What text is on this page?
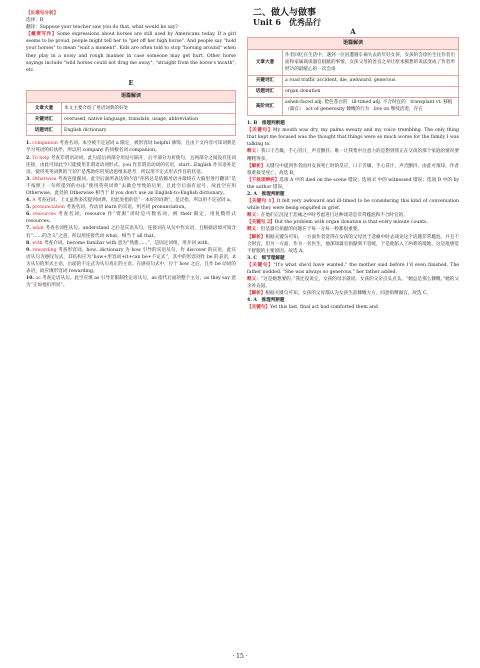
【长难句分析】

选择：B

翻译：Suppose your teacher saw you do that, what would he say?

【概要写作】Some expressions about horses are still used by Americans today. If a girl seems to be proud, people might tell her to "get off her high horse". And people say "hold your horses" to mean "wait a moment". Kids are often told to stop "horsing around" when they play in a noisy and rough manner in case someone may get hurt. Other horse sayings include "wild horses could not drag me away", "straight from the horse's mouth", etc.

E
语篇解读	
文章大意	本文主要介绍了英语词典的好处
关键词汇	overused, native language, translate, usage, abbreviation
话题词汇	English dictionary

1. companion 考查名词。本空被不定冠词 a 限定，被形容词 helpful 修饰，且由下文内容可知词典是学习英语的好伙伴，所以用 company 的同根名词 companion。

2. To help 考查非谓语动词。此句前后两部分用逗号隔开，后半部分为祈使句，且两部分之间没有连词连接，由此可知此空只能使用非谓语动词形式。you 作非谓语动词的宾语，start...English 作宾语补足语。使用英英词典的“目的”是帮助你用英语思维来思考，所以用不定式形式作目的状语。

3. Otherwise 考查连接副词。此空后面所表达的内容“你将总是依赖母语并最终在大脑里进行翻译”是不按照上一句所提到的办法“使用英英词典”去做会导致的后果，且此空后面有逗号，故此空应用 Otherwise。此处的 Otherwise 相当于 If you don't use an English-to-English dictionary。

4. A 考查冠词。上文虽然多次提到词典，但此处指的是“一本好的词典”，是泛指，所以用不定冠词 a。

5. pronunciation 考查名词。作动词 learn 的宾语，用名词 pronunciation。

6. resources 考查名词。resource 作“资源”讲时是可数名词，被 their 限定，用复数形式 resources。

7. what 考查名词性从句。understand 之后是宾语从句，连接词在从句中作宾语，且根据语境可知含有“……的含义”之意，所以用连接代词 what，相当于 all that。

8. with 考查介词。become familiar with 意为“熟悉……”，是固定词组，用介词 with。

9. rewarding 考查形容词。how...dictionary 为 how 引导的宾语从句，作 discover 的宾语，此宾语从句为感叹句式，其结构应为“how+形容词+it+can be+不定式”，其中的形容词作 be 的表语，it 为从句的形式主语，后面的不定式为从句真正的主语。在感叹句式中，位于 how 之后，且作 be 动词的表语，故应填形容词 rewarding。

10. as 考查定语从句。此空应填 as 引导非限制性定语从句，as 指代后面的整个主句，as they say 意为“正如他们所说”。

二、做人与做事
Unit 6　优秀品行
A
语篇解读	
文章大意	作者回忆在生活中，遇到一位因遭遇车祸失去的年轻女孩，女孩的会诊医生往作者出面和家属商谈器官捐献的事情，女孩父母的善良之举让原本极想的说法变成了作者所经历的最暖心的一次会谈
关键词汇	a road traffic accident, die, awkward, generous
话题词汇	organ donation
高阶词汇	ashen-faced adj. 脸色苍白的　ill-timed adj. 不合时宜的　transplant vt. 移植（器官）　act of generosity 慷慨的行为　live on 继续活着，存在

1. B　推理判断题

【关键句】My mouth was dry, my palms sweaty and my voice trembling. The only thing that kept me focused was the thought that things were so much worse for the family I was talking to.

释义：我口干舌燥，手心冒汗，声音颤抖。唯一让我集中注意力的是想到我正在交谈的那个家庭的情况要糟糕得多。

【解析】关键句中提到作者面对女孩死亡时的反应，口干舌燥，手心冒汗，声音颤抖，由此可推知，作者很难接受死亡。故选 B。

【干扰项辨析】选项 A 中的 died on the scene 错误；选项 C 中的 witnessed 错误；选项 D 中的 by the author 错误。

2. A　推理判断题

【关键句 1】It felt very awkward and ill-timed to be considering this kind of conversation while they were being engulfed in grief.

释义：在他们正沉浸于悲痛之中时考虑进行这种谈话是非常尴尬和不合时宜的。

【关键句 2】But the problem with organ donation is that every minute counts.

释义：但是器官捐献的问题在于每一分每一秒都很重要。

【解析】根据关键句可知，一方面作者觉得在女孩的父母处于悲痛中时去谈论这个话题非常尴尬，并且不合时宜，但另一方面，作为一名医生，他深知器官捐献刻不容缓，于是他陷入了两难的境地，这是他感觉不舒服的主要原因。故选 A。

3. C　细节理解题

【关键句】"It's what she'd have wanted," the mother said before I'd even finished. The father nodded. "She was always so generous," her father added.

释义：“这是她想要的。”我还没说完，女孩的母亲就说。女孩的父亲点头点头。“她总是那么慷慨，”她的父亲补充道。

【解析】根据关键句可知，女孩的父母都认为女孩生前慷慨大方，同意捐赠器官。故选 C。

4. A　推理判断题

【关键句】Yet this last, final act had comforted them and

· 15 ·
